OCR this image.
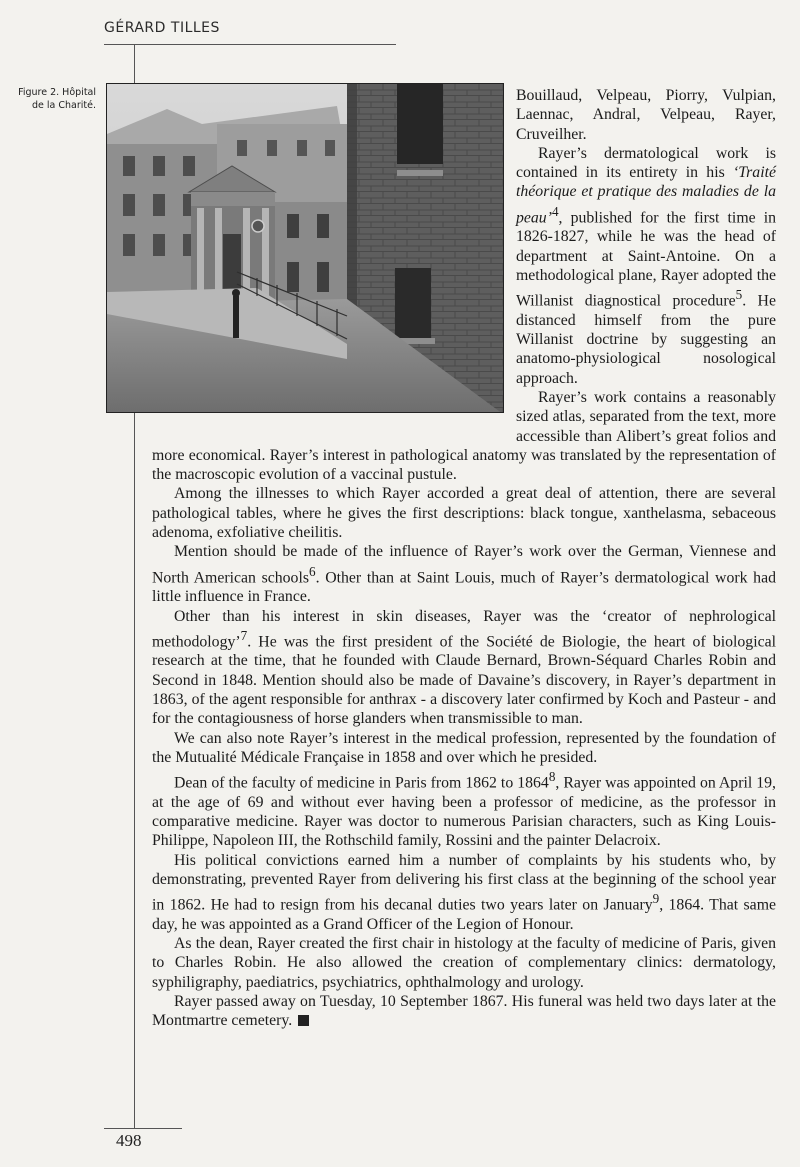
GÉRARD TILLES
Figure 2. Hôpital de la Charité.

Bouillaud, Velpeau, Piorry, Vulpian, Laennac, Andral, Velpeau, Rayer, Cruveilher.

Rayer’s dermatological work is contained in its entirety in his ‘Traité théorique et pratique des maladies de la peau’$^4$, published for the first time in 1826-1827, while he was the head of department at Saint-Antoine. On a methodological plane, Rayer adopted the Willanist diagnostical procedure$^5$. He distanced himself from the pure Willanist doctrine by suggesting an anatomo-physiological nosological approach.

Rayer’s work contains a reasonably sized atlas, separated from the text, more accessible than Alibert’s great folios and more economical. Rayer’s interest in pathological anatomy was translated by the representation of the macroscopic evolution of a vaccinal pustule.

Among the illnesses to which Rayer accorded a great deal of attention, there are several pathological tables, where he gives the first descriptions: black tongue, xanthelasma, sebaceous adenoma, exfoliative cheilitis.

Mention should be made of the influence of Rayer’s work over the German, Viennese and North American schools$^6$. Other than at Saint Louis, much of Rayer’s dermatological work had little influence in France.

Other than his interest in skin diseases, Rayer was the ‘creator of nephrological methodology’$^7$. He was the first president of the Société de Biologie, the heart of biological research at the time, that he founded with Claude Bernard, Brown-Séquard Charles Robin and Second in 1848. Mention should also be made of Davaine’s discovery, in Rayer’s department in 1863, of the agent responsible for anthrax - a discovery later confirmed by Koch and Pasteur - and for the contagiousness of horse glanders when transmissible to man.

We can also note Rayer’s interest in the medical profession, represented by the foundation of the Mutualité Médicale Française in 1858 and over which he presided.

Dean of the faculty of medicine in Paris from 1862 to 1864$^8$, Rayer was appointed on April 19, at the age of 69 and without ever having been a professor of medicine, as the professor in comparative medicine. Rayer was doctor to numerous Parisian characters, such as King Louis-Philippe, Napoleon III, the Rothschild family, Rossini and the painter Delacroix.

His political convictions earned him a number of complaints by his students who, by demonstrating, prevented Rayer from delivering his first class at the beginning of the school year in 1862. He had to resign from his decanal duties two years later on January$^9$, 1864. That same day, he was appointed as a Grand Officer of the Legion of Honour.

As the dean, Rayer created the first chair in histology at the faculty of medicine of Paris, given to Charles Robin. He also allowed the creation of complementary clinics: dermatology, syphiligraphy, paediatrics, psychiatrics, ophthalmology and urology.

Rayer passed away on Tuesday, 10 September 1867. His funeral was held two days later at the Montmartre cemetery.

498
